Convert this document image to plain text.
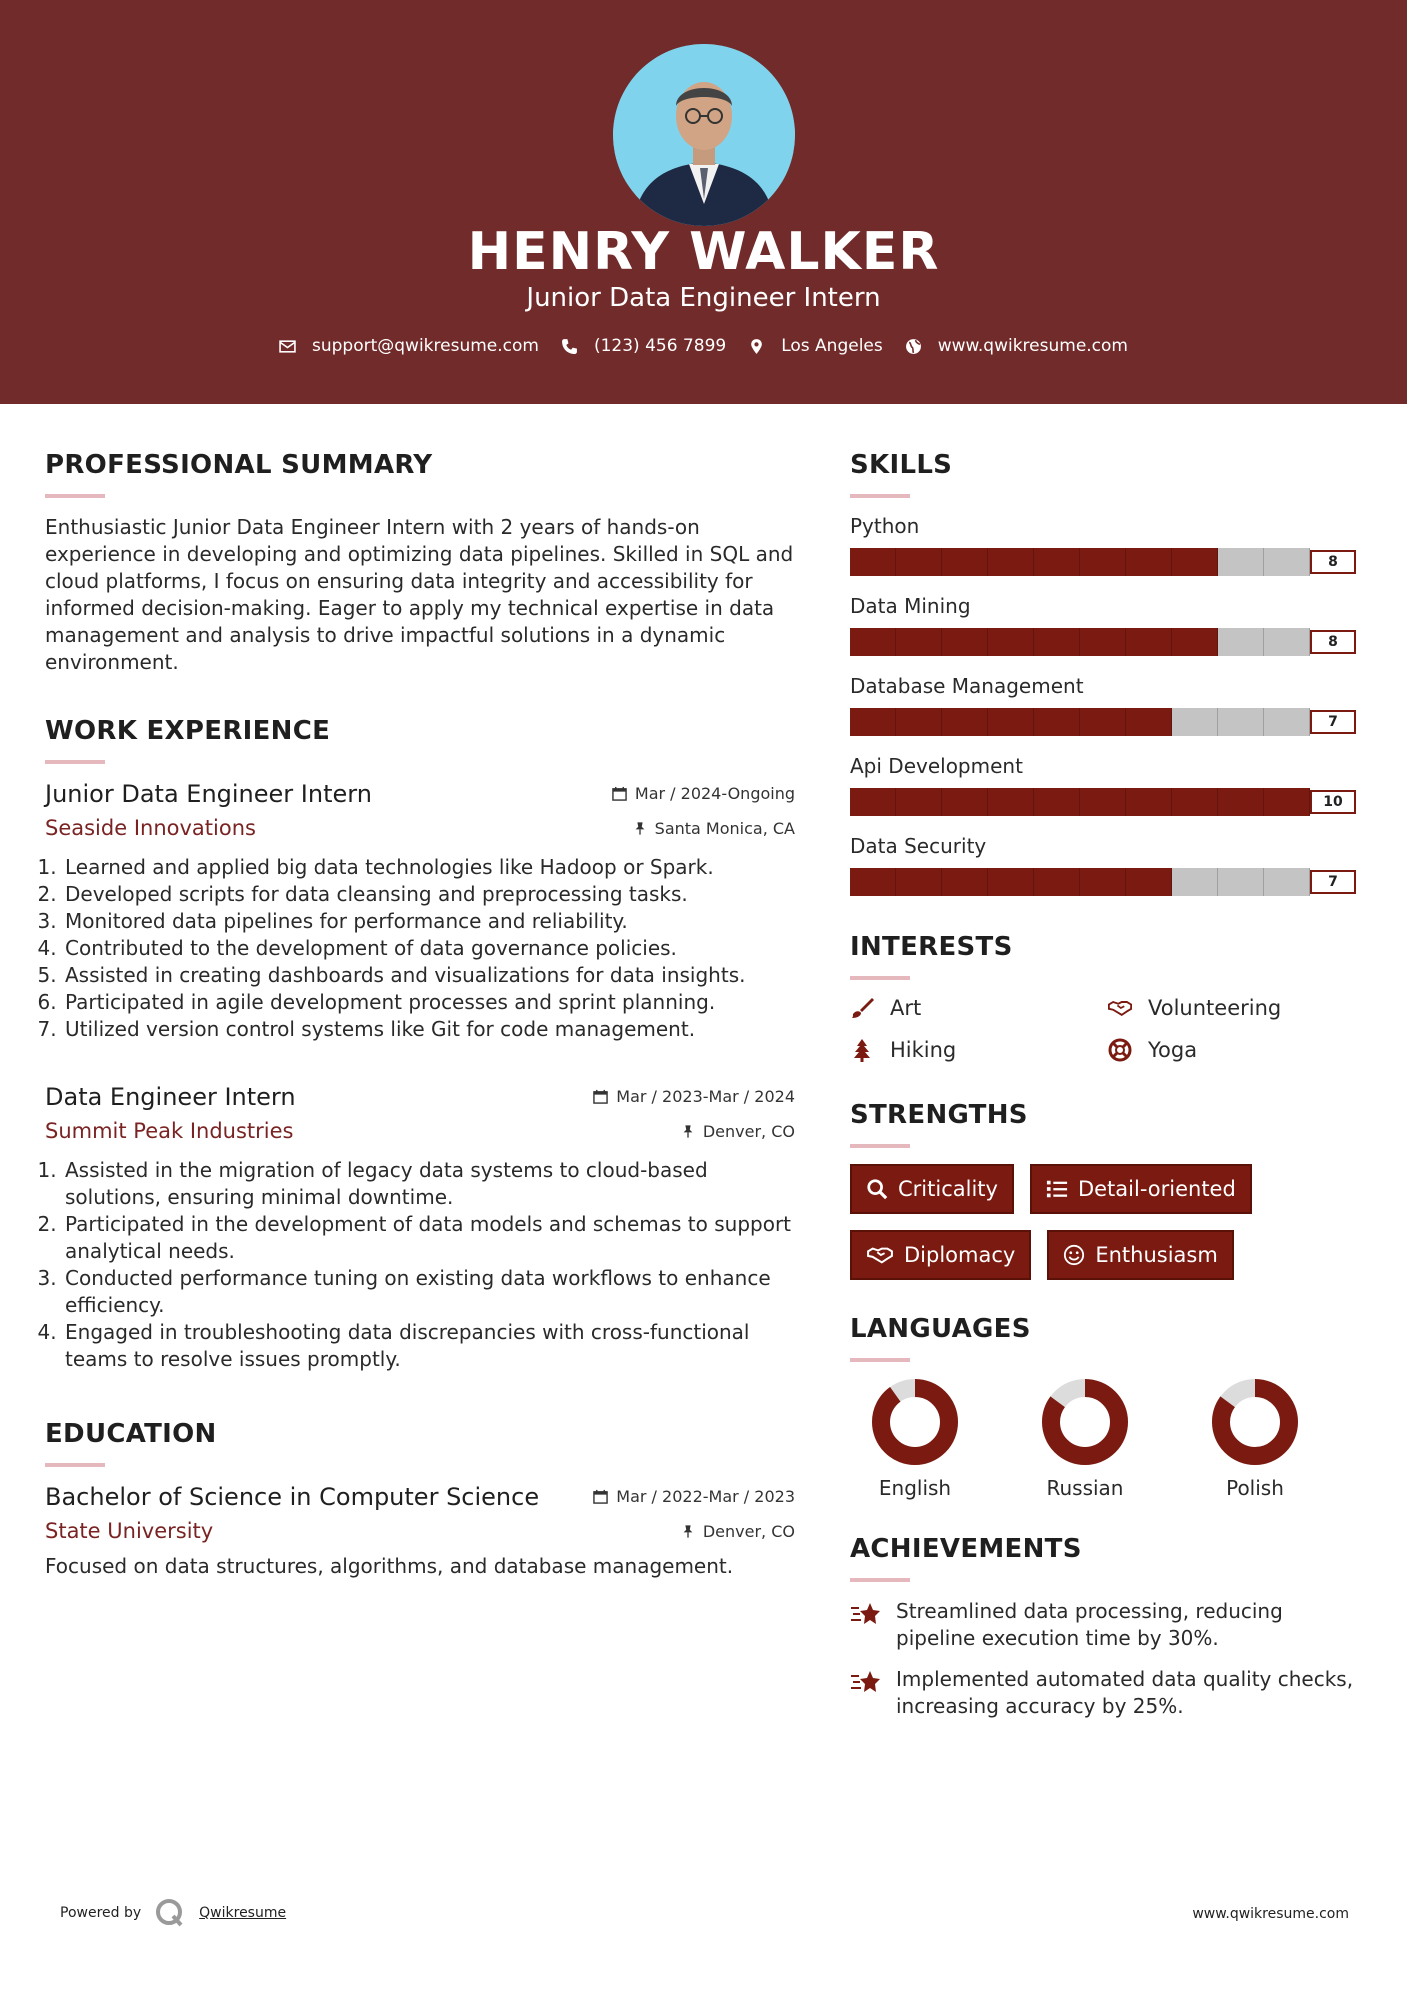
HENRY WALKER
Junior Data Engineer Intern
support@qwikresume.com	(123) 456 7899	Los Angeles	www.qwikresume.com
PROFESSIONAL SUMMARY

Enthusiastic Junior Data Engineer Intern with 2 years of hands-on experience in developing and optimizing data pipelines. Skilled in SQL and cloud platforms, I focus on ensuring data integrity and accessibility for informed decision-making. Eager to apply my technical expertise in data management and analysis to drive impactful solutions in a dynamic environment.

WORK EXPERIENCE
Junior Data Engineer Intern	Mar / 2024-Ongoing
Seaside Innovations	Santa Monica, CA
1. Learned and applied big data technologies like Hadoop or Spark.
2. Developed scripts for data cleansing and preprocessing tasks.
3. Monitored data pipelines for performance and reliability.
4. Contributed to the development of data governance policies.
5. Assisted in creating dashboards and visualizations for data insights.
6. Participated in agile development processes and sprint planning.
7. Utilized version control systems like Git for code management.
Data Engineer Intern	Mar / 2023-Mar / 2024
Summit Peak Industries	Denver, CO
1. Assisted in the migration of legacy data systems to cloud-based solutions, ensuring minimal downtime.
2. Participated in the development of data models and schemas to support analytical needs.
3. Conducted performance tuning on existing data workflows to enhance efficiency.
4. Engaged in troubleshooting data discrepancies with cross-functional teams to resolve issues promptly.
EDUCATION
Bachelor of Science in Computer Science	Mar / 2022-Mar / 2023
State University	Denver, CO

Focused on data structures, algorithms, and database management.

SKILLS
Python
8
Data Mining
8
Database Management
7
Api Development
10
Data Security
7
INTERESTS
Art	Volunteering
Hiking	Yoga
STRENGTHS
Criticality	Detail-oriented
Diplomacy	Enthusiasm
LANGUAGES
English	Russian	Polish
ACHIEVEMENTS
Streamlined data processing, reducing pipeline execution time by 30%.
Implemented automated data quality checks, increasing accuracy by 25%.
Powered by	Qwikresume	www.qwikresume.com
